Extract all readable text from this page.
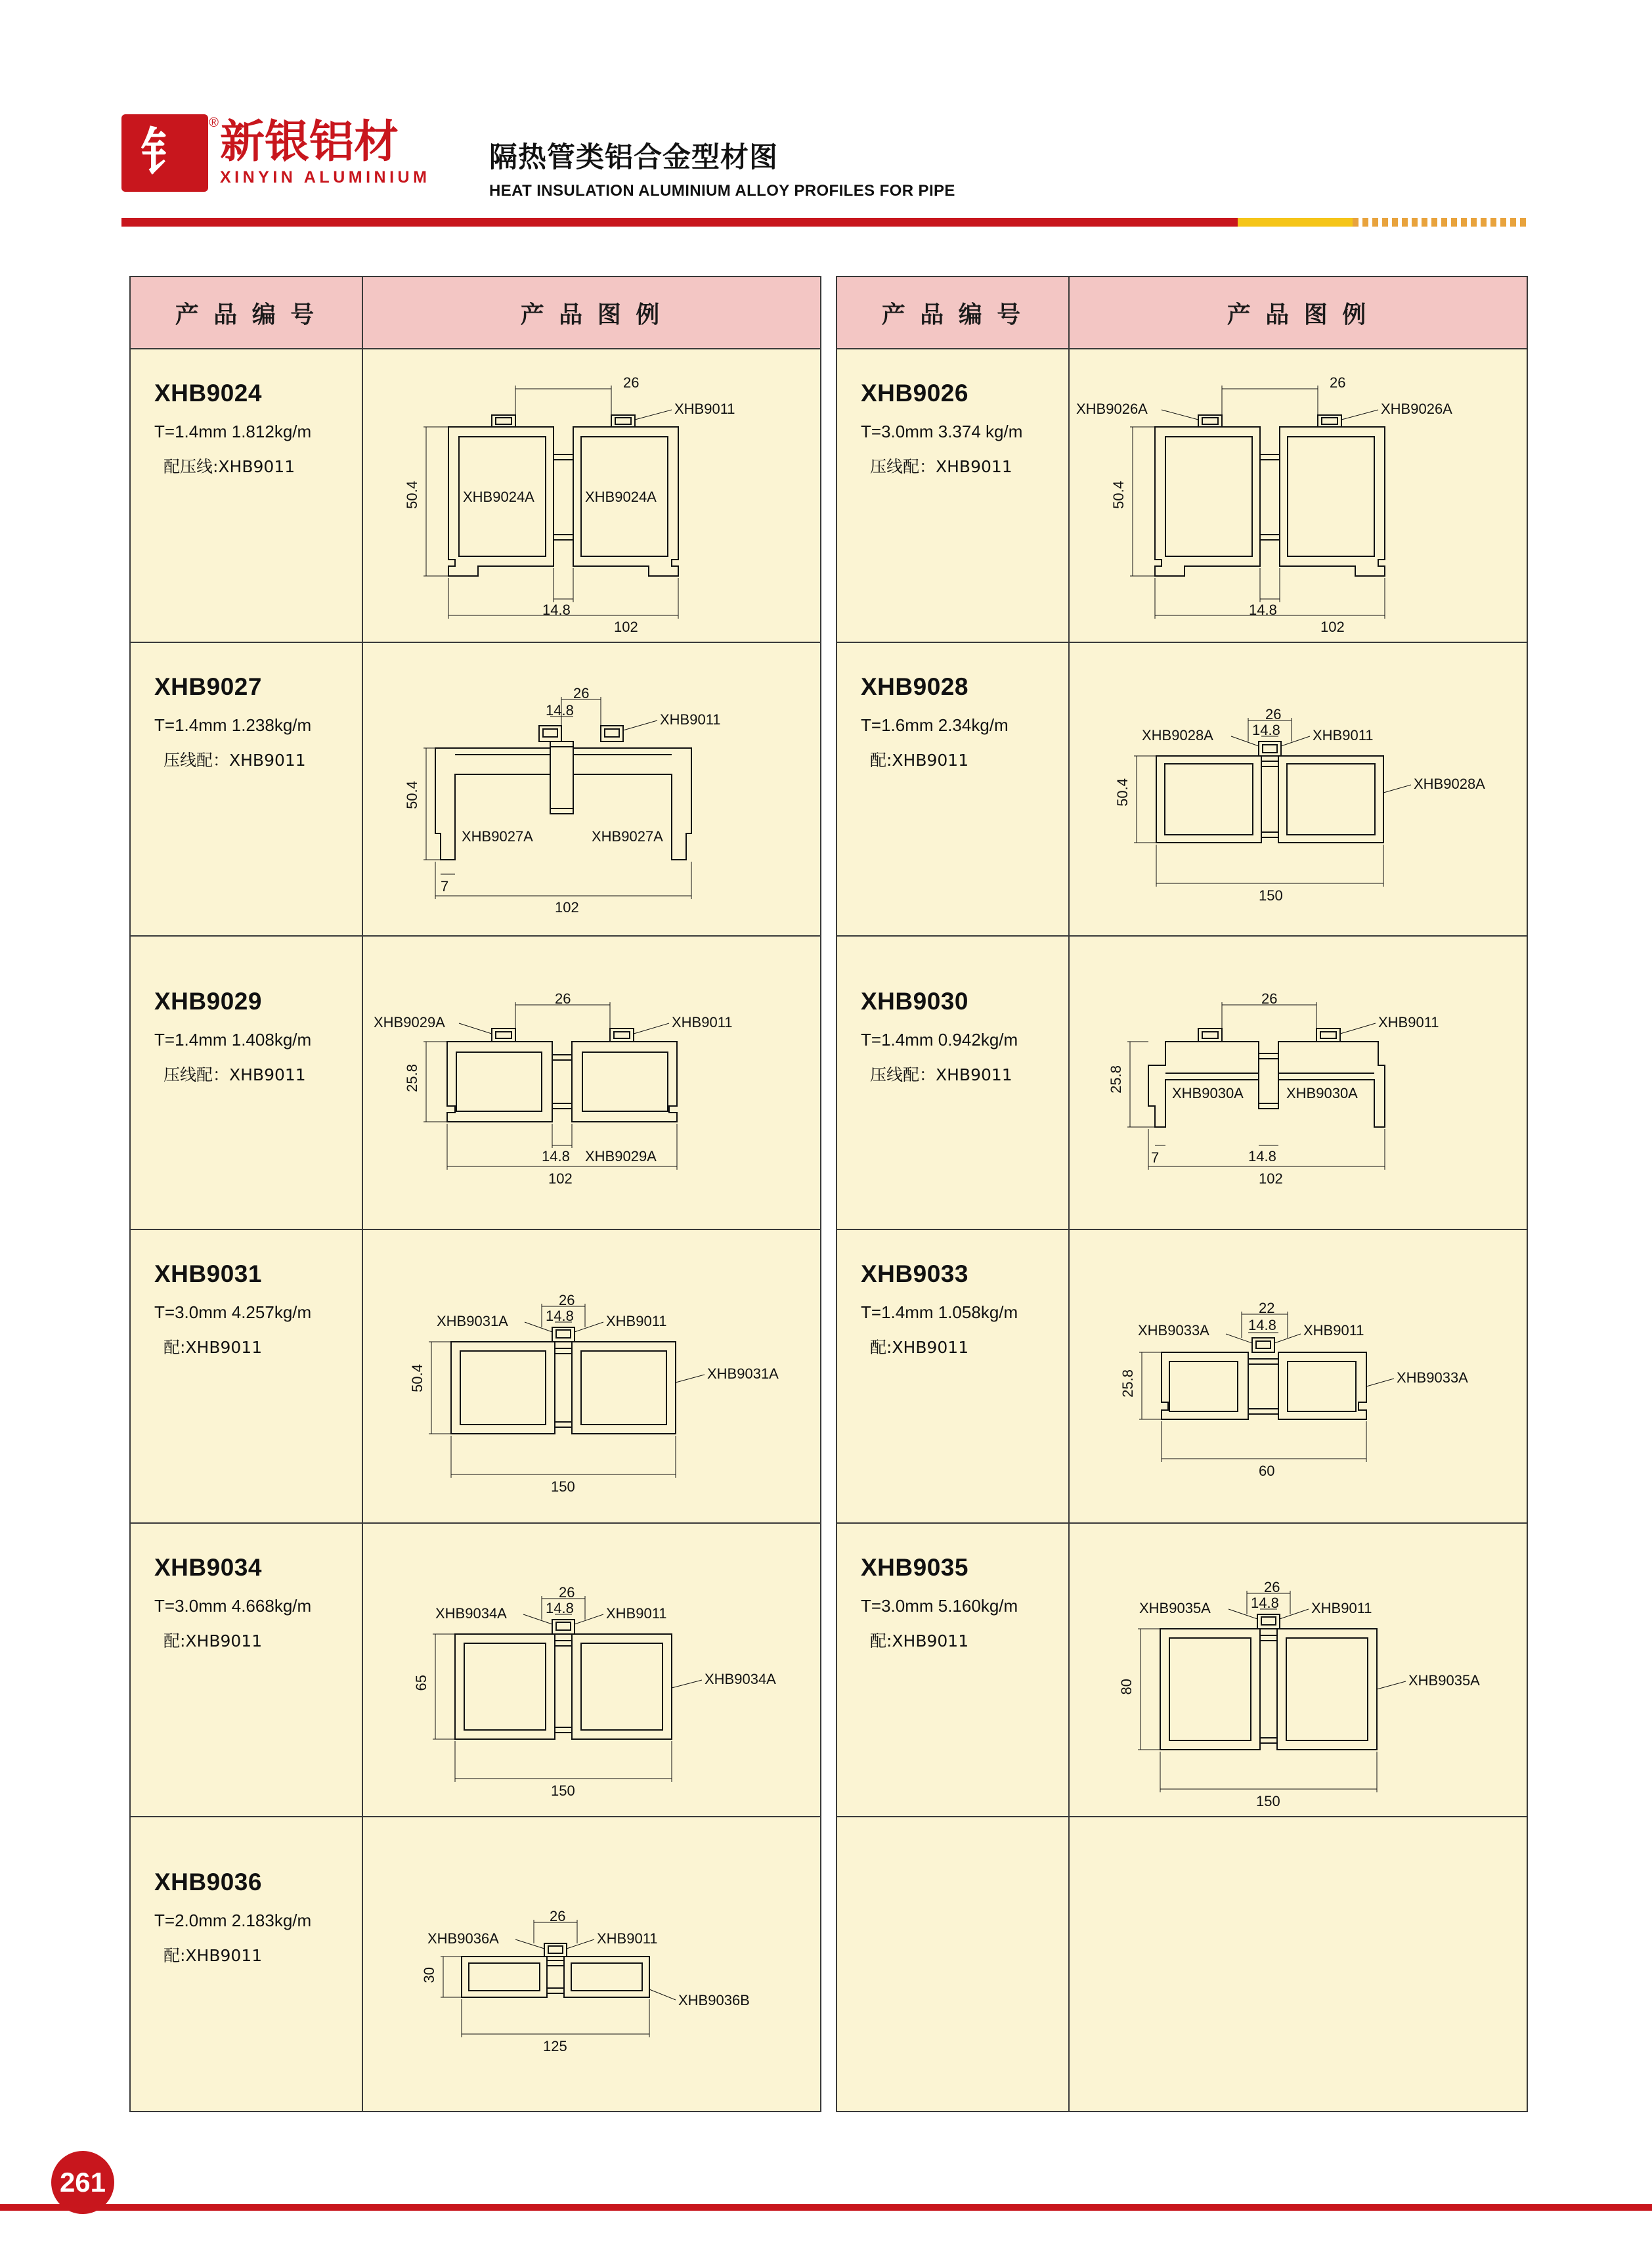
钅
® 新银铝材
XINYIN ALUMINIUM
隔热管类铝合金型材图
HEAT INSULATION ALUMINIUM ALLOY PROFILES FOR PIPE
产 品 编 号	产 品 图 例
XHB9024
T=1.4mm 1.812kg/m
配压线:XHB9011
26
50.4
102
14.8
XHB9011
XHB9024A	XHB9024A
XHB9027
T=1.4mm 1.238kg/m
压线配：XHB9011
26
14.8
50.4
102
7
XHB9011
XHB9027A	XHB9027A
XHB9029
T=1.4mm 1.408kg/m
压线配：XHB9011
26
25.8
102
14.8
XHB9011
XHB9029A
XHB9029A
XHB9031
T=3.0mm 4.257kg/m
配:XHB9011
26
14.8
50.4
150
XHB9031A	XHB9011
XHB9031A
XHB9034
T=3.0mm 4.668kg/m
配:XHB9011
26
14.8
65
150
XHB9034A	XHB9011
XHB9034A
XHB9036
T=2.0mm 2.183kg/m
配:XHB9011
26
30
125
XHB9036A	XHB9011
XHB9036B
产 品 编 号	产 品 图 例
XHB9026
T=3.0mm 3.374 kg/m
压线配：XHB9011
26
50.4
102
14.8
XHB9026A	XHB9026A
XHB9028
T=1.6mm 2.34kg/m
配:XHB9011
26
14.8
50.4
150
XHB9028A	XHB9011
XHB9028A
XHB9030
T=1.4mm 0.942kg/m
压线配：XHB9011
26
25.8
102
14.8
7
XHB9011
XHB9030A	XHB9030A
XHB9033
T=1.4mm 1.058kg/m
配:XHB9011
22
14.8
25.8
60
XHB9033A	XHB9011
XHB9033A
XHB9035
T=3.0mm 5.160kg/m
配:XHB9011
26
14.8
80
150
XHB9035A	XHB9011
XHB9035A
261
